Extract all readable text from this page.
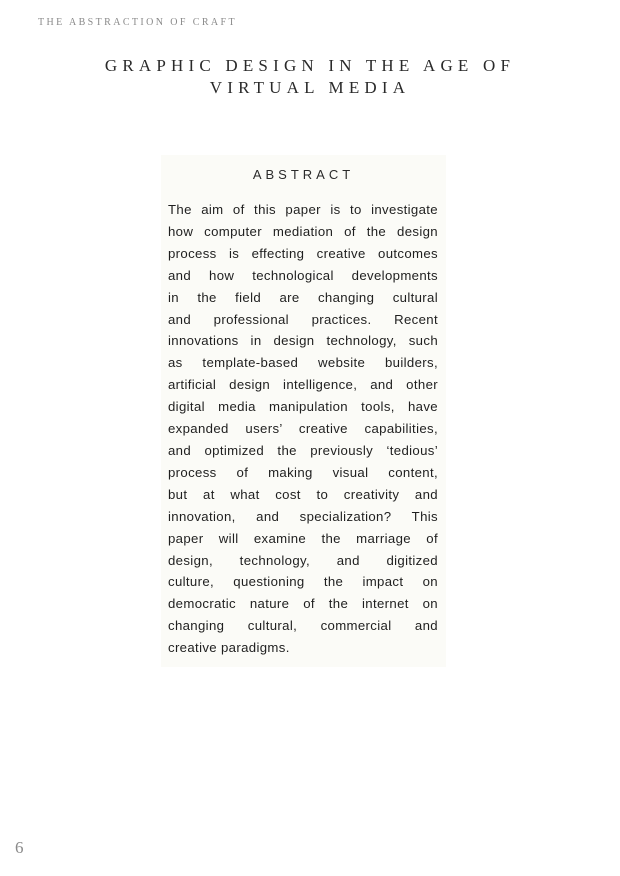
THE ABSTRACTION OF CRAFT
GRAPHIC DESIGN IN THE AGE OF
VIRTUAL MEDIA
ABSTRACT

The aim of this paper is to investigate
how computer mediation of the design
process is effecting creative outcomes
and how technological developments
in the field are changing cultural
and professional practices. Recent
innovations in design technology, such
as template-based website builders,
artificial design intelligence, and other
digital media manipulation tools, have
expanded users’ creative capabilities,
and optimized the previously ‘tedious’
process of making visual content,
but at what cost to creativity and
innovation, and specialization? This
paper will examine the marriage of
design, technology, and digitized
culture, questioning the impact on
democratic nature of the internet on
changing cultural, commercial and
creative paradigms.

6
